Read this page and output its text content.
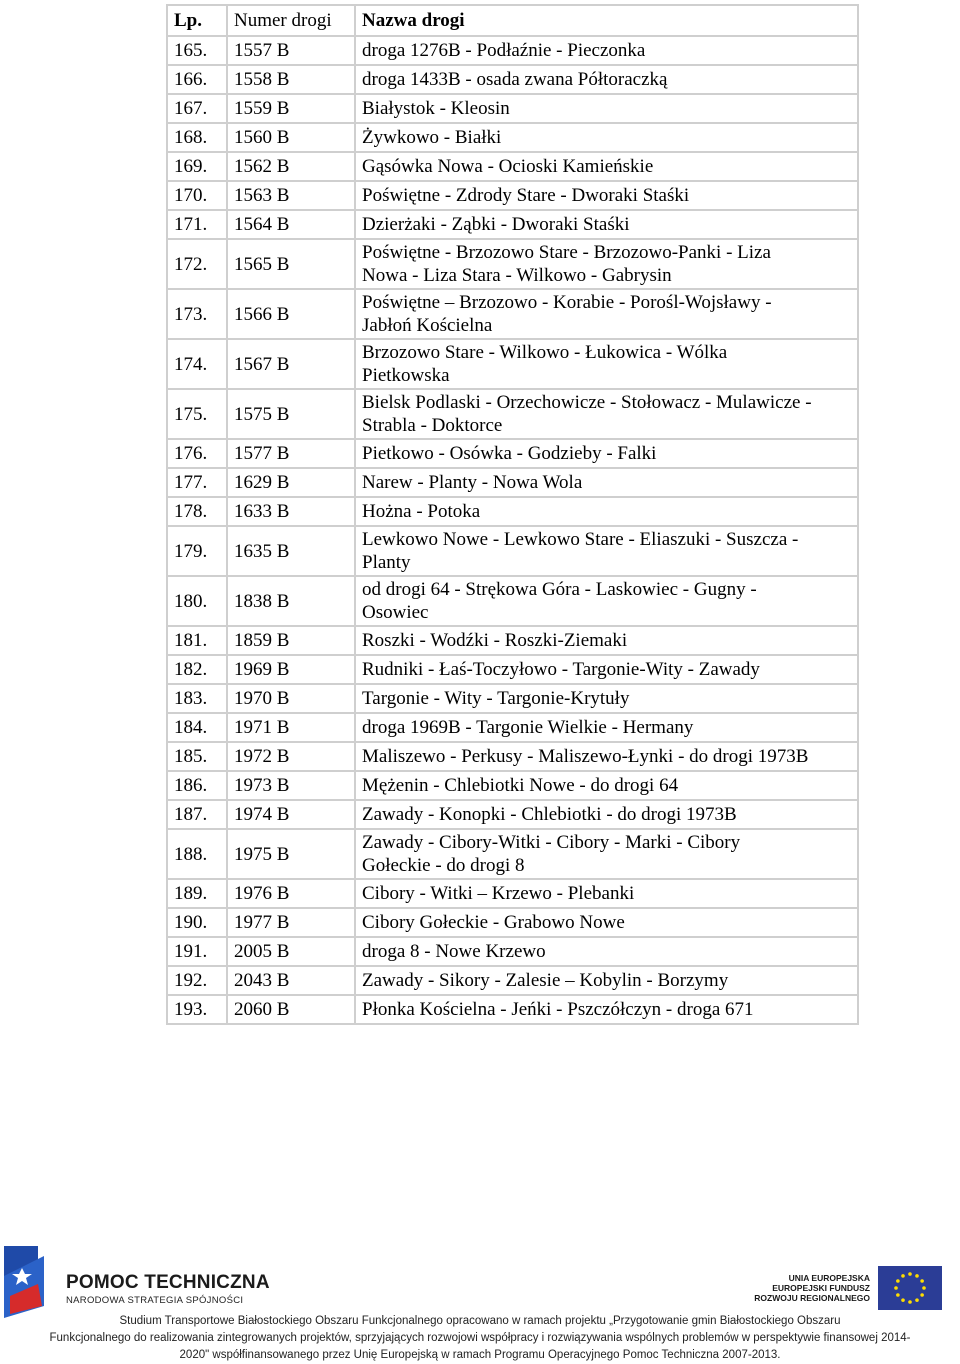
Lp.	Numer drogi	Nazwa drogi
165.	1557 B	droga 1276B - Podłaźnie - Pieczonka

166.	1558 B	droga 1433B - osada zwana Półtoraczką

167.	1559 B	Białystok - Kleosin

168.	1560 B	Żywkowo - Białki

169.	1562 B	Gąsówka Nowa - Ocioski Kamieńskie

170.	1563 B	Poświętne - Zdrody Stare - Dworaki Staśki

171.	1564 B	Dzierżaki - Ząbki - Dworaki Staśki

172.	1565 B	Poświętne - Brzozowo Stare - Brzozowo-Panki - Liza
Nowa - Liza Stara - Wilkowo - Gabrysin

173.	1566 B	Poświętne – Brzozowo - Korabie - Porośl-Wojsławy -
Jabłoń Kościelna

174.	1567 B	Brzozowo Stare - Wilkowo - Łukowica - Wólka
Pietkowska

175.	1575 B	Bielsk Podlaski - Orzechowicze - Stołowacz - Mulawicze -
Strabla - Doktorce

176.	1577 B	Pietkowo - Osówka - Godzieby - Falki

177.	1629 B	Narew - Planty - Nowa Wola

178.	1633 B	Hożna - Potoka

179.	1635 B	Lewkowo Nowe - Lewkowo Stare - Eliaszuki - Suszcza -
Planty

180.	1838 B	od drogi 64 - Strękowa Góra - Laskowiec - Gugny -
Osowiec

181.	1859 B	Roszki - Wodźki - Roszki-Ziemaki

182.	1969 B	Rudniki - Łaś-Toczyłowo - Targonie-Wity - Zawady

183.	1970 B	Targonie - Wity - Targonie-Krytuły

184.	1971 B	droga 1969B - Targonie Wielkie - Hermany

185.	1972 B	Maliszewo - Perkusy - Maliszewo-Łynki - do drogi 1973B

186.	1973 B	Mężenin - Chlebiotki Nowe - do drogi 64

187.	1974 B	Zawady - Konopki - Chlebiotki - do drogi 1973B

188.	1975 B	Zawady - Cibory-Witki - Cibory - Marki - Cibory
Gołeckie - do drogi 8

189.	1976 B	Cibory - Witki – Krzewo - Plebanki

190.	1977 B	Cibory Gołeckie - Grabowo Nowe

191.	2005 B	droga 8 - Nowe Krzewo

192.	2043 B	Zawady - Sikory - Zalesie – Kobylin - Borzymy

193.	2060 B	Płonka Kościelna - Jeńki - Pszczółczyn - droga 671
POMOC TECHNICZNA
NARODOWA STRATEGIA SPÓJNOŚCI
UNIA EUROPEJSKA
EUROPEJSKI FUNDUSZ
ROZWOJU REGIONALNEGO
Studium Transportowe Białostockiego Obszaru Funkcjonalnego opracowano w ramach projektu „Przygotowanie gmin Białostockiego Obszaru
Funkcjonalnego do realizowania zintegrowanych projektów, sprzyjających rozwojowi współpracy i rozwiązywania wspólnych problemów w perspektywie finansowej 2014-
2020" współfinansowanego przez Unię Europejską w ramach Programu Operacyjnego Pomoc Techniczna 2007-2013.
